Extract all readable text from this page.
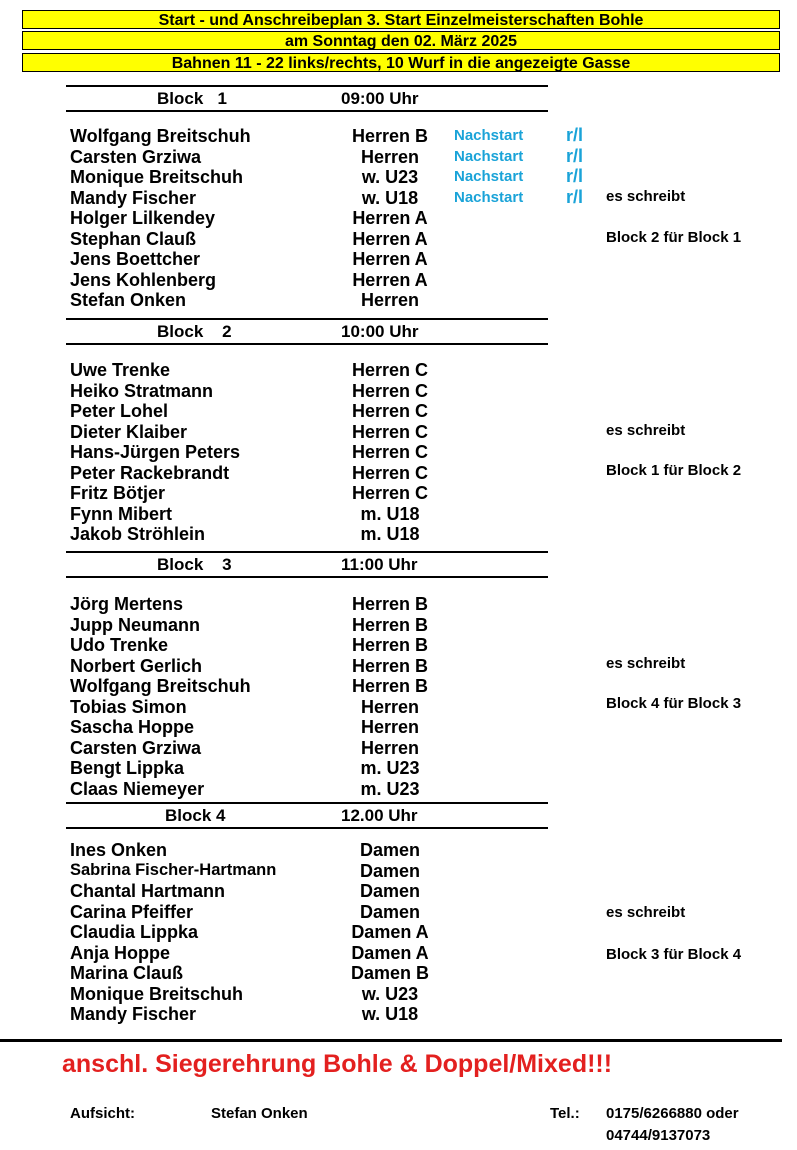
Start - und Anschreibeplan 3. Start Einzelmeisterschaften Bohle
am Sonntag den 02. März 2025
Bahnen 11 - 22 links/rechts, 10 Wurf in die angezeigte Gasse
Block   1	09:00 Uhr
Wolfgang Breitschuh	Herren B	Nachstart r/l
Carsten Grziwa	Herren	Nachstart r/l
Monique Breitschuh	w. U23	Nachstart r/l
Mandy Fischer	w. U18	Nachstart r/l
Holger Lilkendey	Herren A
Stephan Clauß	Herren A
Jens Boettcher	Herren A
Jens Kohlenberg	Herren A
Stefan Onken	Herren
es schreibt
Block 2 für Block 1
Block    2	10:00 Uhr
Uwe Trenke	Herren C
Heiko Stratmann	Herren C
Peter Lohel	Herren C
Dieter Klaiber	Herren C
Hans-Jürgen Peters	Herren C
Peter Rackebrandt	Herren C
Fritz Bötjer	Herren C
Fynn Mibert	m. U18
Jakob Ströhlein	m. U18
es schreibt
Block 1 für Block 2
Block    3	11:00 Uhr
Jörg Mertens	Herren B
Jupp Neumann	Herren B
Udo Trenke	Herren B
Norbert Gerlich	Herren B
Wolfgang Breitschuh	Herren B
Tobias Simon	Herren
Sascha Hoppe	Herren
Carsten Grziwa	Herren
Bengt Lippka	m. U23
Claas Niemeyer	m. U23
es schreibt
Block 4 für Block 3
Block 4	12.00 Uhr
Ines Onken	Damen
Sabrina Fischer-Hartmann	Damen
Chantal Hartmann	Damen
Carina Pfeiffer	Damen
Claudia Lippka	Damen A
Anja Hoppe	Damen A
Marina Clauß	Damen B
Monique Breitschuh	w. U23
Mandy Fischer	w. U18
es schreibt
Block 3 für Block 4
anschl. Siegerehrung Bohle & Doppel/Mixed!!!
Aufsicht:	Stefan Onken	Tel.: 0175/6266880 oder
04744/9137073
